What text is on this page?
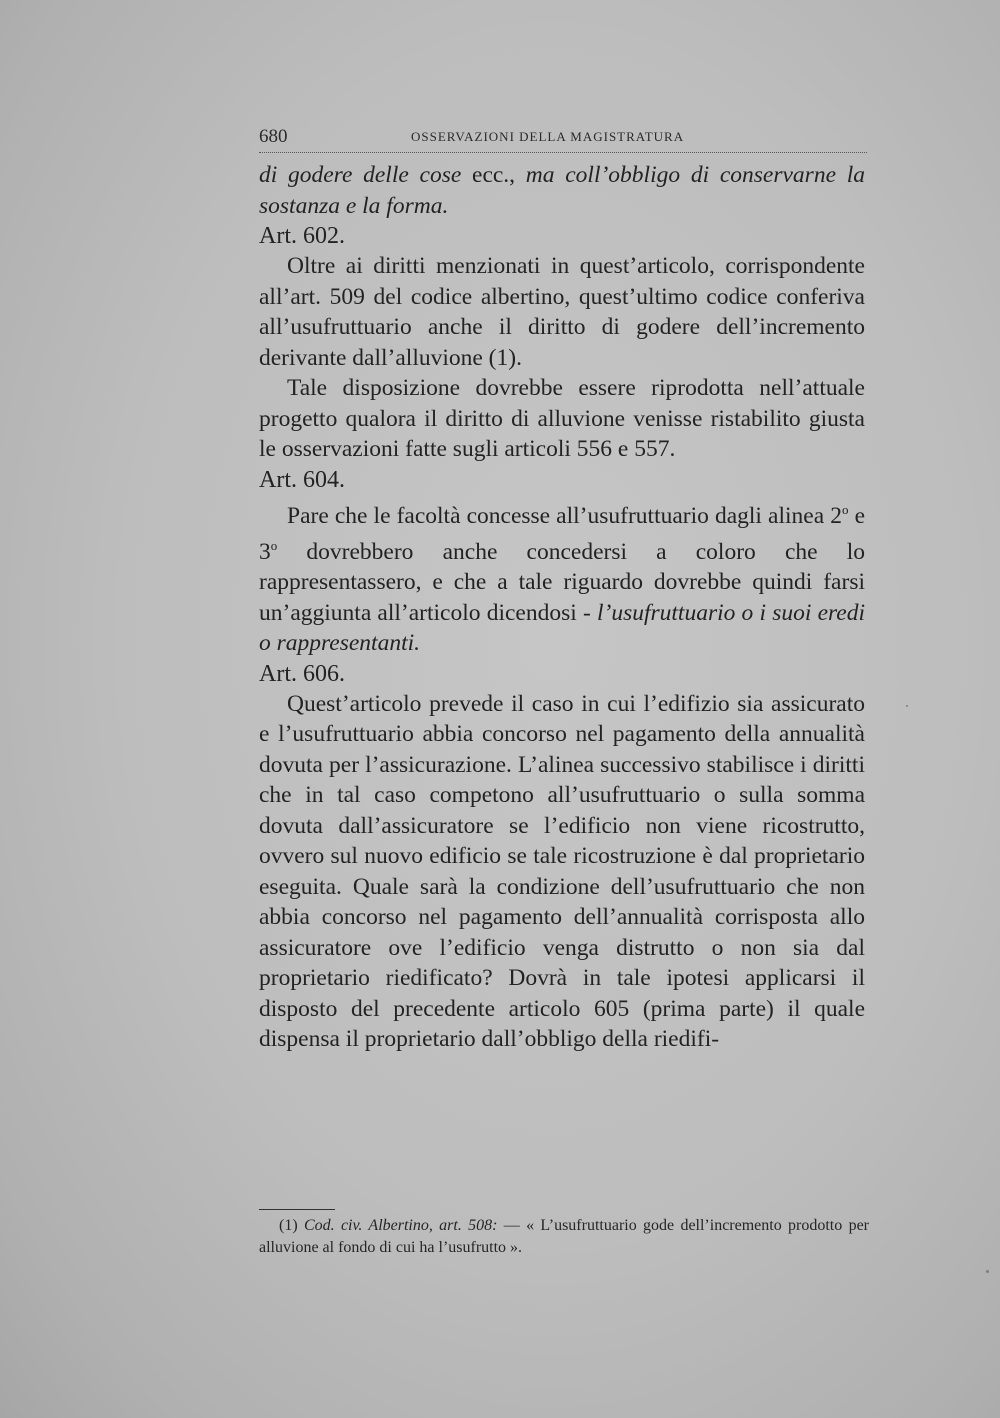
680	OSSERVAZIONI DELLA MAGISTRATURA

di godere delle cose ecc., ma coll’obbligo di conservarne la sostanza e la forma.

Art. 602.

Oltre ai diritti menzionati in quest’articolo, corrispondente all’art. 509 del codice albertino, quest’ultimo codice conferiva all’usufruttuario anche il diritto di godere dell’incremento derivante dall’alluvione (1).

Tale disposizione dovrebbe essere riprodotta nell’attuale progetto qualora il diritto di alluvione venisse ristabilito giusta le osservazioni fatte sugli articoli 556 e 557.

Art. 604.

Pare che le facoltà concesse all’usufruttuario dagli alinea 2$^o$ e 3$^o$ dovrebbero anche concedersi a coloro che lo rappresentassero, e che a tale riguardo dovrebbe quindi farsi un’aggiunta all’articolo dicendosi - l’usufruttuario o i suoi eredi o rappresentanti.

Art. 606.

Quest’articolo prevede il caso in cui l’edifizio sia assicurato e l’usufruttuario abbia concorso nel pagamento della annualità dovuta per l’assicurazione. L’alinea successivo stabilisce i diritti che in tal caso competono all’usufruttuario o sulla somma dovuta dall’assicuratore se l’edificio non viene ricostrutto, ovvero sul nuovo edificio se tale ricostruzione è dal proprietario eseguita. Quale sarà la condizione dell’usufruttuario che non abbia concorso nel pagamento dell’annualità corrisposta allo assicuratore ove l’edificio venga distrutto o non sia dal proprietario riedificato? Dovrà in tale ipotesi applicarsi il disposto del precedente articolo 605 (prima parte) il quale dispensa il proprietario dall’obbligo della riedifi-

(1) Cod. civ. Albertino, art. 508: — « L’usufruttuario gode dell’incremento prodotto per alluvione al fondo di cui ha l’usufrutto ».
